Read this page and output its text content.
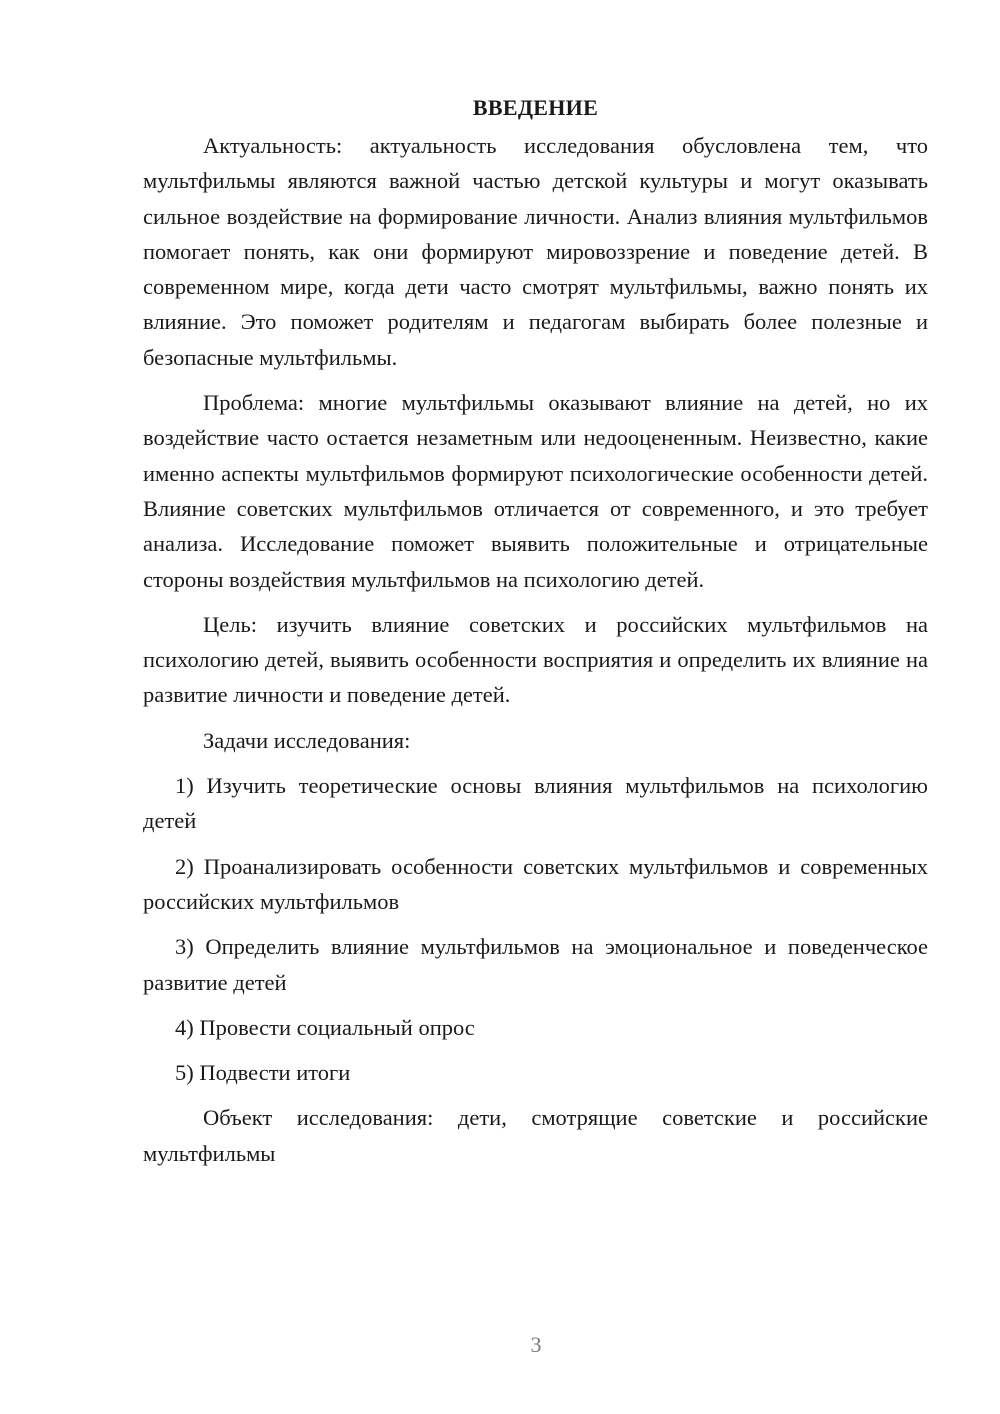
ВВЕДЕНИЕ

Актуальность: актуальность исследования обусловлена тем, что мультфильмы являются важной частью детской культуры и могут оказывать сильное воздействие на формирование личности. Анализ влияния мультфильмов помогает понять, как они формируют мировоззрение и поведение детей. В современном мире, когда дети часто смотрят мультфильмы, важно понять их влияние. Это поможет родителям и педагогам выбирать более полезные и безопасные мультфильмы.

Проблема: многие мультфильмы оказывают влияние на детей, но их воздействие часто остается незаметным или недооцененным. Неизвестно, какие именно аспекты мультфильмов формируют психологические особенности детей. Влияние советских мультфильмов отличается от современного, и это требует анализа. Исследование поможет выявить положительные и отрицательные стороны воздействия мультфильмов на психологию детей.

Цель: изучить влияние советских и российских мультфильмов на психологию детей, выявить особенности восприятия и определить их влияние на развитие личности и поведение детей.

Задачи исследования:

1) Изучить теоретические основы влияния мультфильмов на психологию детей

2) Проанализировать особенности советских мультфильмов и современных российских мультфильмов

3) Определить влияние мультфильмов на эмоциональное и поведенческое развитие детей

4) Провести социальный опрос

5) Подвести итоги

Объект исследования: дети, смотрящие советские и российские мультфильмы

3
